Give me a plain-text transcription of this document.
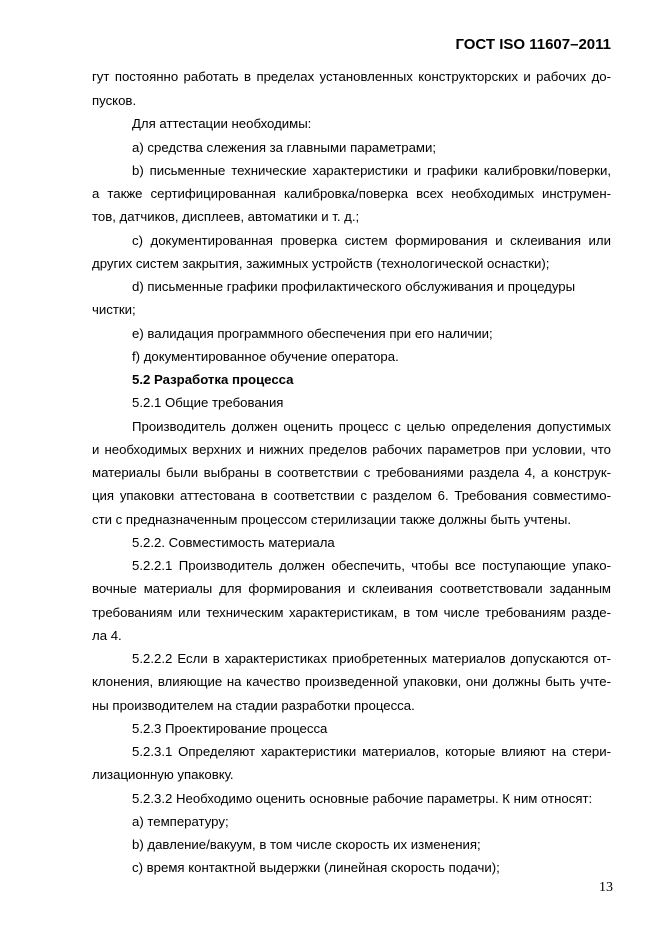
ГОСТ ISO 11607–2011
гут постоянно работать в пределах установленных конструкторских и рабочих до-
пусков.
Для аттестации необходимы:
a) средства слежения за главными параметрами;
b) письменные технические характеристики и графики калибровки/поверки,
а также сертифицированная калибровка/поверка всех необходимых инструмен-
тов, датчиков, дисплеев, автоматики и т. д.;
c) документированная проверка систем формирования и склеивания или
других систем закрытия, зажимных устройств (технологической оснастки);
d) письменные графики профилактического обслуживания и процедуры
чистки;
e) валидация программного обеспечения при его наличии;
f) документированное обучение оператора.
5.2 Разработка процесса
5.2.1 Общие требования
Производитель должен оценить процесс с целью определения допустимых
и необходимых верхних и нижних пределов рабочих параметров при условии, что
материалы были выбраны в соответствии с требованиями раздела 4, а конструк-
ция упаковки аттестована в соответствии с разделом 6. Требования совместимо-
сти с предназначенным процессом стерилизации также должны быть учтены.
5.2.2. Совместимость материала
5.2.2.1 Производитель должен обеспечить, чтобы все поступающие упако-
вочные материалы для формирования и склеивания соответствовали заданным
требованиям или техническим характеристикам, в том числе требованиям разде-
ла 4.
5.2.2.2 Если в характеристиках приобретенных материалов допускаются от-
клонения, влияющие на качество произведенной упаковки, они должны быть учте-
ны производителем на стадии разработки процесса.
5.2.3 Проектирование процесса
5.2.3.1 Определяют характеристики материалов, которые влияют на стери-
лизационную упаковку.
5.2.3.2 Необходимо оценить основные рабочие параметры. К ним относят:
a) температуру;
b) давление/вакуум, в том числе скорость их изменения;
c) время контактной выдержки (линейная скорость подачи);
13
